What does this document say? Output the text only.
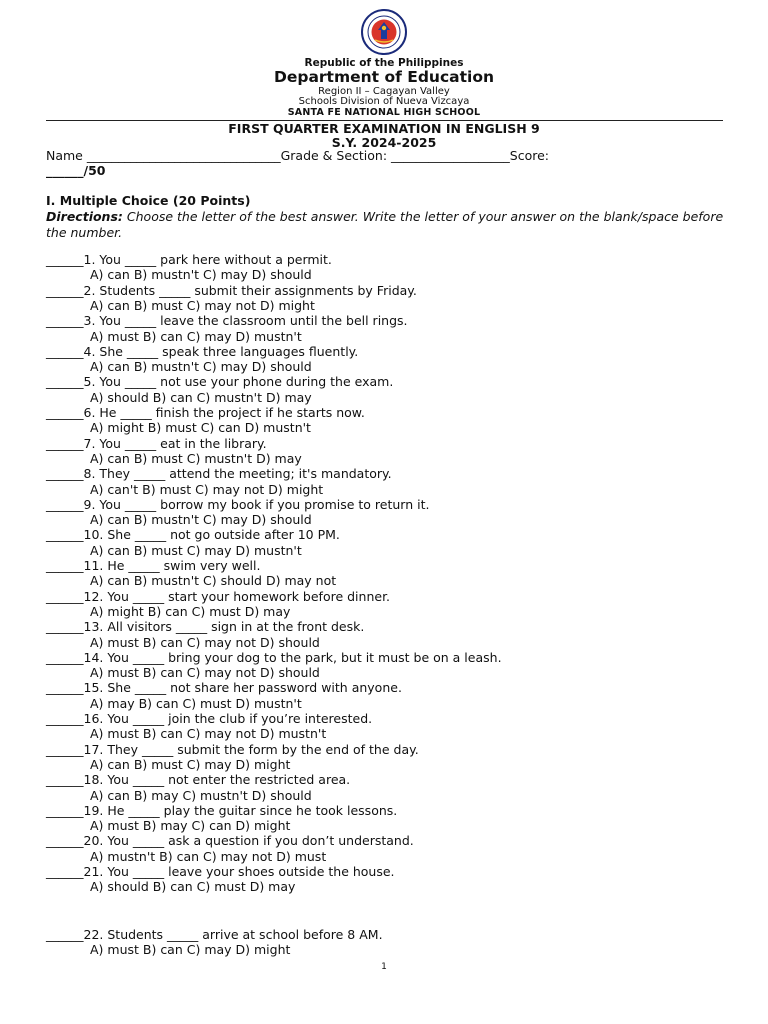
Republic of the Philippines
Department of Education
Region II – Cagayan Valley
Schools Division of Nueva Vizcaya
SANTA FE NATIONAL HIGH SCHOOL
FIRST QUARTER EXAMINATION IN ENGLISH 9
S.Y. 2024-2025
Name _______________________________Grade & Section: ___________________Score:
______/50
I. Multiple Choice (20 Points)
Directions: Choose the letter of the best answer. Write the letter of your answer on the blank/space before the number.
______1. You _____ park here without a permit.
A) can B) mustn't C) may D) should
______2. Students _____ submit their assignments by Friday.
A) can B) must C) may not D) might
______3. You _____ leave the classroom until the bell rings.
A) must B) can C) may D) mustn't
______4. She _____ speak three languages fluently.
A) can B) mustn't C) may D) should
______5. You _____ not use your phone during the exam.
A) should B) can C) mustn't D) may
______6. He _____ finish the project if he starts now.
A) might B) must C) can D) mustn't
______7. You _____ eat in the library.
A) can B) must C) mustn't D) may
______8. They _____ attend the meeting; it's mandatory.
A) can't B) must C) may not D) might
______9. You _____ borrow my book if you promise to return it.
A) can B) mustn't C) may D) should
______10. She _____ not go outside after 10 PM.
A) can B) must C) may D) mustn't
______11. He _____ swim very well.
A) can B) mustn't C) should D) may not
______12. You _____ start your homework before dinner.
A) might B) can C) must D) may
______13. All visitors _____ sign in at the front desk.
A) must B) can C) may not D) should
______14. You _____ bring your dog to the park, but it must be on a leash.
A) must B) can C) may not D) should
______15. She _____ not share her password with anyone.
A) may B) can C) must D) mustn't
______16. You _____ join the club if you’re interested.
A) must B) can C) may not D) mustn't
______17. They _____ submit the form by the end of the day.
A) can B) must C) may D) might
______18. You _____ not enter the restricted area.
A) can B) may C) mustn't D) should
______19. He _____ play the guitar since he took lessons.
A) must B) may C) can D) might
______20. You _____ ask a question if you don’t understand.
A) mustn't B) can C) may not D) must
______21. You _____ leave your shoes outside the house.
A) should B) can C) must D) may
______22. Students _____ arrive at school before 8 AM.
A) must B) can C) may D) might
1
